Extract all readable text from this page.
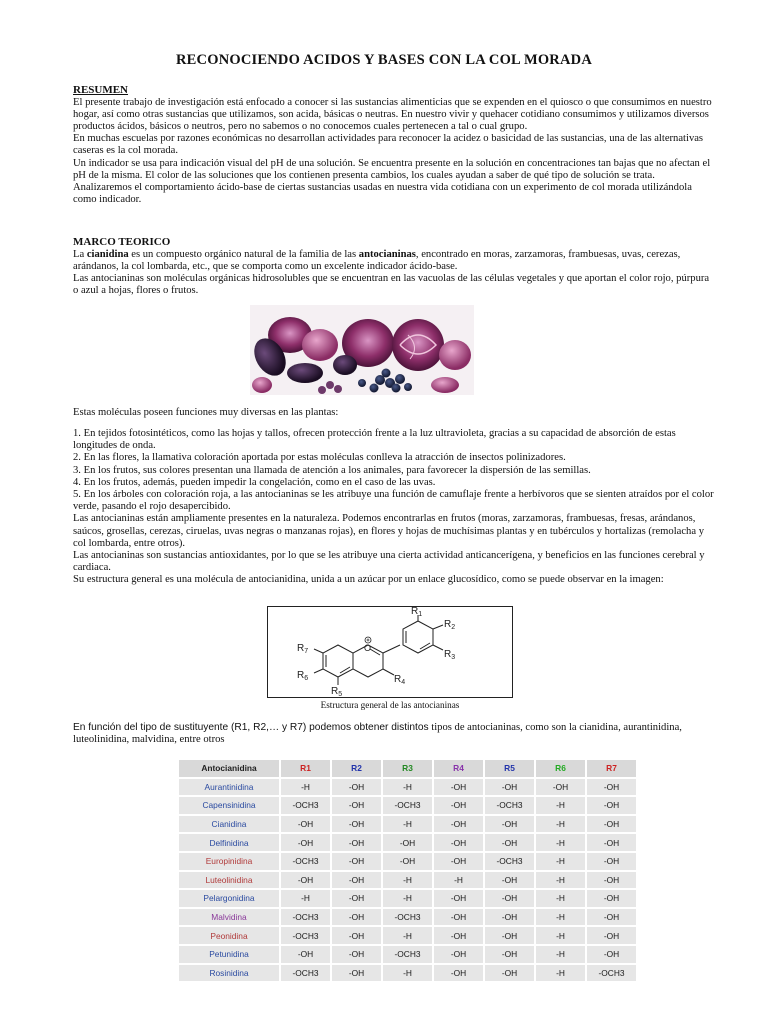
RECONOCIENDO ACIDOS Y BASES CON LA COL MORADA

RESUMEN

El presente trabajo de investigación está enfocado a conocer si las sustancias alimenticias que se expenden en el quiosco o que consumimos en nuestro hogar, así como otras sustancias que utilizamos, son acida, básicas o neutras. En nuestro vivir y quehacer cotidiano consumimos y utilizamos diversos productos ácidos, básicos o neutros, pero no sabemos o no conocemos cuales pertenecen a tal o cual grupo.

En muchas escuelas por razones económicas no desarrollan actividades para reconocer la acidez o basicidad de las sustancias, una de las alternativas caseras es la col morada.

Un indicador se usa para indicación visual del pH de una solución. Se encuentra presente en la solución en concentraciones tan bajas que no afectan el pH de la misma. El color de las soluciones que los contienen presenta cambios, los cuales ayudan a saber de qué tipo de solución se trata.

Analizaremos el comportamiento ácido-base de ciertas sustancias usadas en nuestra vida cotidiana con un experimento de col morada utilizándola como indicador.

MARCO TEORICO

La cianidina es un compuesto orgánico natural de la familia de las antocianinas, encontrado en moras, zarzamoras, frambuesas, uvas, cerezas, arándanos, la col lombarda, etc., que se comporta como un excelente indicador ácido-base.

Las antocianinas son moléculas orgánicas hidrosolubles que se encuentran en las vacuolas de las células vegetales y que aportan el color rojo, púrpura o azul a hojas, flores o frutos.

Estas moléculas poseen funciones muy diversas en las plantas:

1. En tejidos fotosintéticos, como las hojas y tallos, ofrecen protección frente a la luz ultravioleta, gracias a su capacidad de absorción de estas longitudes de onda.

2. En las flores, la llamativa coloración aportada por estas moléculas conlleva la atracción de insectos polinizadores.

3. En los frutos, sus colores presentan una llamada de atención a los animales, para favorecer la dispersión de las semillas.

4. En los frutos, además, pueden impedir la congelación, como en el caso de las uvas.

5. En los árboles con coloración roja, a las antocianinas se les atribuye una función de camuflaje frente a herbívoros que se sienten atraídos por el color verde, pasando el rojo desapercibido.

Las antocianinas están ampliamente presentes en la naturaleza. Podemos encontrarlas en frutos (moras, zarzamoras, frambuesas, fresas, arándanos, saúcos, grosellas, cerezas, ciruelas, uvas negras o manzanas rojas), en flores y hojas de muchísimas plantas y en tubérculos y hortalizas (remolacha y col lombarda, entre otros).

Las antocianinas son sustancias antioxidantes, por lo que se les atribuye una cierta actividad anticancerígena, y beneficios en las funciones cerebral y cardiaca.

Su estructura general es una molécula de antocianidina, unida a un azúcar por un enlace glucosídico, como se puede observar en la imagen:

O
$R_1$
$R_2$
$R_3$
$R_4$
$R_5$
$R_6$
$R_7$
Estructura general de las antocianinas

En función del tipo de sustituyente (R1, R2,… y R7) podemos obtener distintos tipos de antocianinas, como son la cianidina, aurantinidina, luteolinidina, malvidina, entre otros

Antocianidina	R1	R2	R3	R4	R5	R6	R7
Aurantinidina	-H	-OH	-H	-OH	-OH	-OH	-OH
Capensinidina	-OCH3	-OH	-OCH3	-OH	-OCH3	-H	-OH
Cianidina	-OH	-OH	-H	-OH	-OH	-H	-OH
Delfinidina	-OH	-OH	-OH	-OH	-OH	-H	-OH
Europinidina	-OCH3	-OH	-OH	-OH	-OCH3	-H	-OH
Luteolinidina	-OH	-OH	-H	-H	-OH	-H	-OH
Pelargonidina	-H	-OH	-H	-OH	-OH	-H	-OH
Malvidina	-OCH3	-OH	-OCH3	-OH	-OH	-H	-OH
Peonidina	-OCH3	-OH	-H	-OH	-OH	-H	-OH
Petunidina	-OH	-OH	-OCH3	-OH	-OH	-H	-OH
Rosinidina	-OCH3	-OH	-H	-OH	-OH	-H	-OCH3
